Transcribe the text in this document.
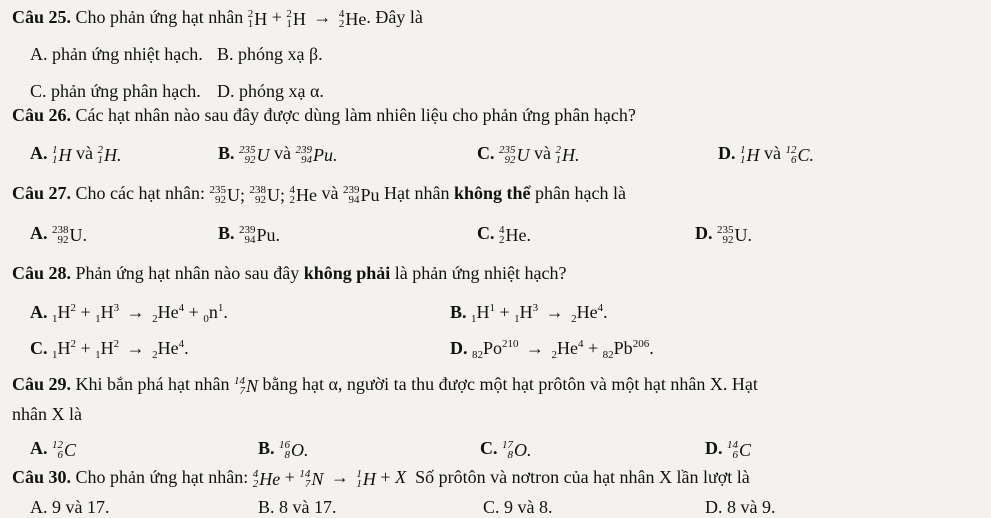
Câu 25. Cho phản ứng hạt nhân 2
1 H + 2
1 H → 4
2 He . Đây là
A. phản ứng nhiệt hạch. B. phóng xạ β.
C. phản ứng phân hạch. D. phóng xạ α.
Câu 26. Các hạt nhân nào sau đây được dùng làm nhiên liệu cho phản ứng phân hạch?
A. 1
1 H và 2
1 H.	B. 235
92 U và 239
94 Pu.	C. 235
92 U và 2
1 H.	D. 1
1 H và 12
6 C.
Câu 27. Cho các hạt nhân: 235
92 U;
238
92 U;
4
2 He và 239
94 Pu Hạt nhân không thể phân hạch là
A. 238
92 U.	B. 239
94 Pu.	C. 4
2 He.	D. 235
92 U.
Câu 28. Phản ứng hạt nhân nào sau đây không phải là phản ứng nhiệt hạch?
A. $_1H^2 + _1H^3 \to _2He^4 + _0n^1$.	B. $_1H^1 + _1H^3 \to _2He^4$.
C. $_1H^2 + _1H^2 \to _2He^4$.	D. $_{82}Po^{210} \to _2He^4 + _{82}Pb^{206}$.
Câu 29. Khi bắn phá hạt nhân 14
7 N bằng hạt α, người ta thu được một hạt prôtôn và một hạt nhân X. Hạt
nhân X là
A. 12
6 C	B. 16
8 O.	C. 17
8 O.	D. 14
6 C
Câu 30. Cho phản ứng hạt nhân: 4
2 He + 14
7 N → 1
1 H + X Số prôtôn và nơtron của hạt nhân X lần lượt là
A. 9 và 17.	B. 8 và 17.	C. 9 và 8.	D. 8 và 9.
